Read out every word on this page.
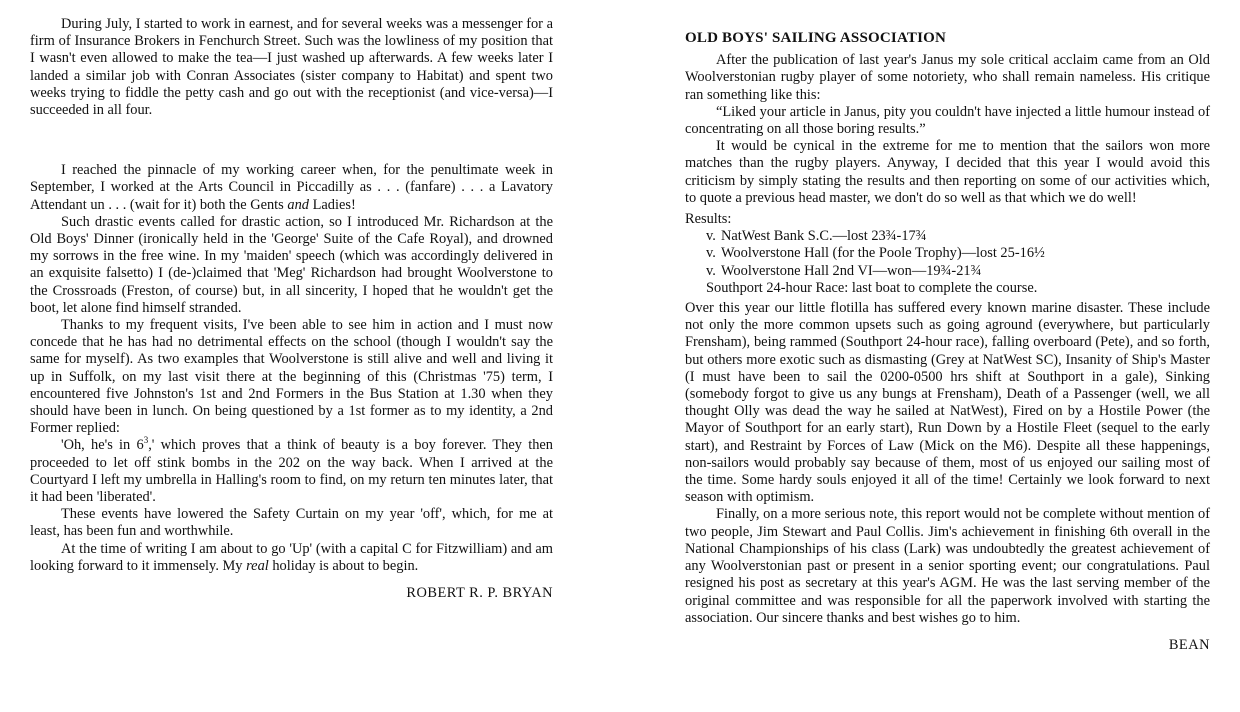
During July, I started to work in earnest, and for several weeks was a messenger for a firm of Insurance Brokers in Fenchurch Street. Such was the lowliness of my position that I wasn't even allowed to make the tea—I just washed up afterwards. A few weeks later I landed a similar job with Conran Associates (sister company to Habitat) and spent two weeks trying to fiddle the petty cash and go out with the receptionist (and vice-versa)—I succeeded in all four.

I reached the pinnacle of my working career when, for the penultimate week in September, I worked at the Arts Council in Piccadilly as . . . (fanfare) . . . a Lavatory Attendant un . . . (wait for it) both the Gents and Ladies!

Such drastic events called for drastic action, so I introduced Mr. Richardson at the Old Boys' Dinner (ironically held in the 'George' Suite of the Cafe Royal), and drowned my sorrows in the free wine. In my 'maiden' speech (which was accordingly delivered in an exquisite falsetto) I (de-)claimed that 'Meg' Richardson had brought Woolverstone to the Crossroads (Freston, of course) but, in all sincerity, I hoped that he wouldn't get the boot, let alone find himself stranded.

Thanks to my frequent visits, I've been able to see him in action and I must now concede that he has had no detrimental effects on the school (though I wouldn't say the same for myself). As two examples that Woolverstone is still alive and well and living it up in Suffolk, on my last visit there at the beginning of this (Christmas '75) term, I encountered five Johnston's 1st and 2nd Formers in the Bus Station at 1.30 when they should have been in lunch. On being questioned by a 1st former as to my identity, a 2nd Former replied:

'Oh, he's in $6^3,'$ which proves that a think of beauty is a boy forever. They then proceeded to let off stink bombs in the 202 on the way back. When I arrived at the Courtyard I left my umbrella in Halling's room to find, on my return ten minutes later, that it had been 'liberated'.

These events have lowered the Safety Curtain on my year 'off', which, for me at least, has been fun and worthwhile.

At the time of writing I am about to go 'Up' (with a capital C for Fitzwilliam) and am looking forward to it immensely. My real holiday is about to begin.

ROBERT R. P. BRYAN

OLD BOYS' SAILING ASSOCIATION

After the publication of last year's Janus my sole critical acclaim came from an Old Woolverstonian rugby player of some notoriety, who shall remain nameless. His critique ran something like this:

“Liked your article in Janus, pity you couldn't have injected a little humour instead of concentrating on all those boring results.”

It would be cynical in the extreme for me to mention that the sailors won more matches than the rugby players. Anyway, I decided that this year I would avoid this criticism by simply stating the results and then reporting on some of our activities which, to quote a previous head master, we don't do so well as that which we do well!

Results:

v. NatWest Bank S.C.—lost 23¾-17¾
v. Woolverstone Hall (for the Poole Trophy)—lost 25-16½
v. Woolverstone Hall 2nd VI—won—19¾-21¾
Southport 24-hour Race: last boat to complete the course.

Over this year our little flotilla has suffered every known marine disaster. These include not only the more common upsets such as going aground (everywhere, but particularly Frensham), being rammed (Southport 24-hour race), falling overboard (Pete), and so forth, but others more exotic such as dismasting (Grey at NatWest SC), Insanity of Ship's Master (I must have been to sail the 0200-0500 hrs shift at Southport in a gale), Sinking (somebody forgot to give us any bungs at Frensham), Death of a Passenger (well, we all thought Olly was dead the way he sailed at NatWest), Fired on by a Hostile Power (the Mayor of Southport for an early start), Run Down by a Hostile Fleet (sequel to the early start), and Restraint by Forces of Law (Mick on the M6). Despite all these happenings, non-sailors would probably say because of them, most of us enjoyed our sailing most of the time. Some hardy souls enjoyed it all of the time! Certainly we look forward to next season with optimism.

Finally, on a more serious note, this report would not be complete without mention of two people, Jim Stewart and Paul Collis. Jim's achievement in finishing 6th overall in the National Championships of his class (Lark) was undoubtedly the greatest achievement of any Woolverstonian past or present in a senior sporting event; our congratulations. Paul resigned his post as secretary at this year's AGM. He was the last serving member of the original committee and was responsible for all the paperwork involved with starting the association. Our sincere thanks and best wishes go to him.

BEAN
